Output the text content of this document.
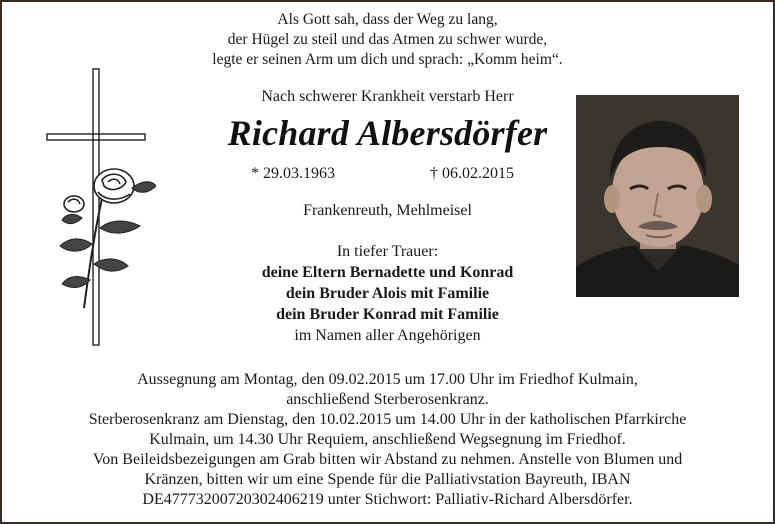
Als Gott sah, dass der Weg zu lang,
der Hügel zu steil und das Atmen zu schwer wurde,
legte er seinen Arm um dich und sprach: „Komm heim“.
Nach schwerer Krankheit verstarb Herr
Richard Albersdörfer
* 29.03.1963	† 06.02.2015
Frankenreuth, Mehlmeisel
In tiefer Trauer:
deine Eltern Bernadette und Konrad
dein Bruder Alois mit Familie
dein Bruder Konrad mit Familie
im Namen aller Angehörigen
Aussegnung am Montag, den 09.02.2015 um 17.00 Uhr im Friedhof Kulmain,
anschließend Sterberosenkranz.
Sterberosenkranz am Dienstag, den 10.02.2015 um 14.00 Uhr in der katholischen Pfarrkirche
Kulmain, um 14.30 Uhr Requiem, anschließend Wegsegnung im Friedhof.
Von Beileidsbezeigungen am Grab bitten wir Abstand zu nehmen. Anstelle von Blumen und
Kränzen, bitten wir um eine Spende für die Palliativstation Bayreuth, IBAN
DE47773200720302406219 unter Stichwort: Palliativ-Richard Albersdörfer.
